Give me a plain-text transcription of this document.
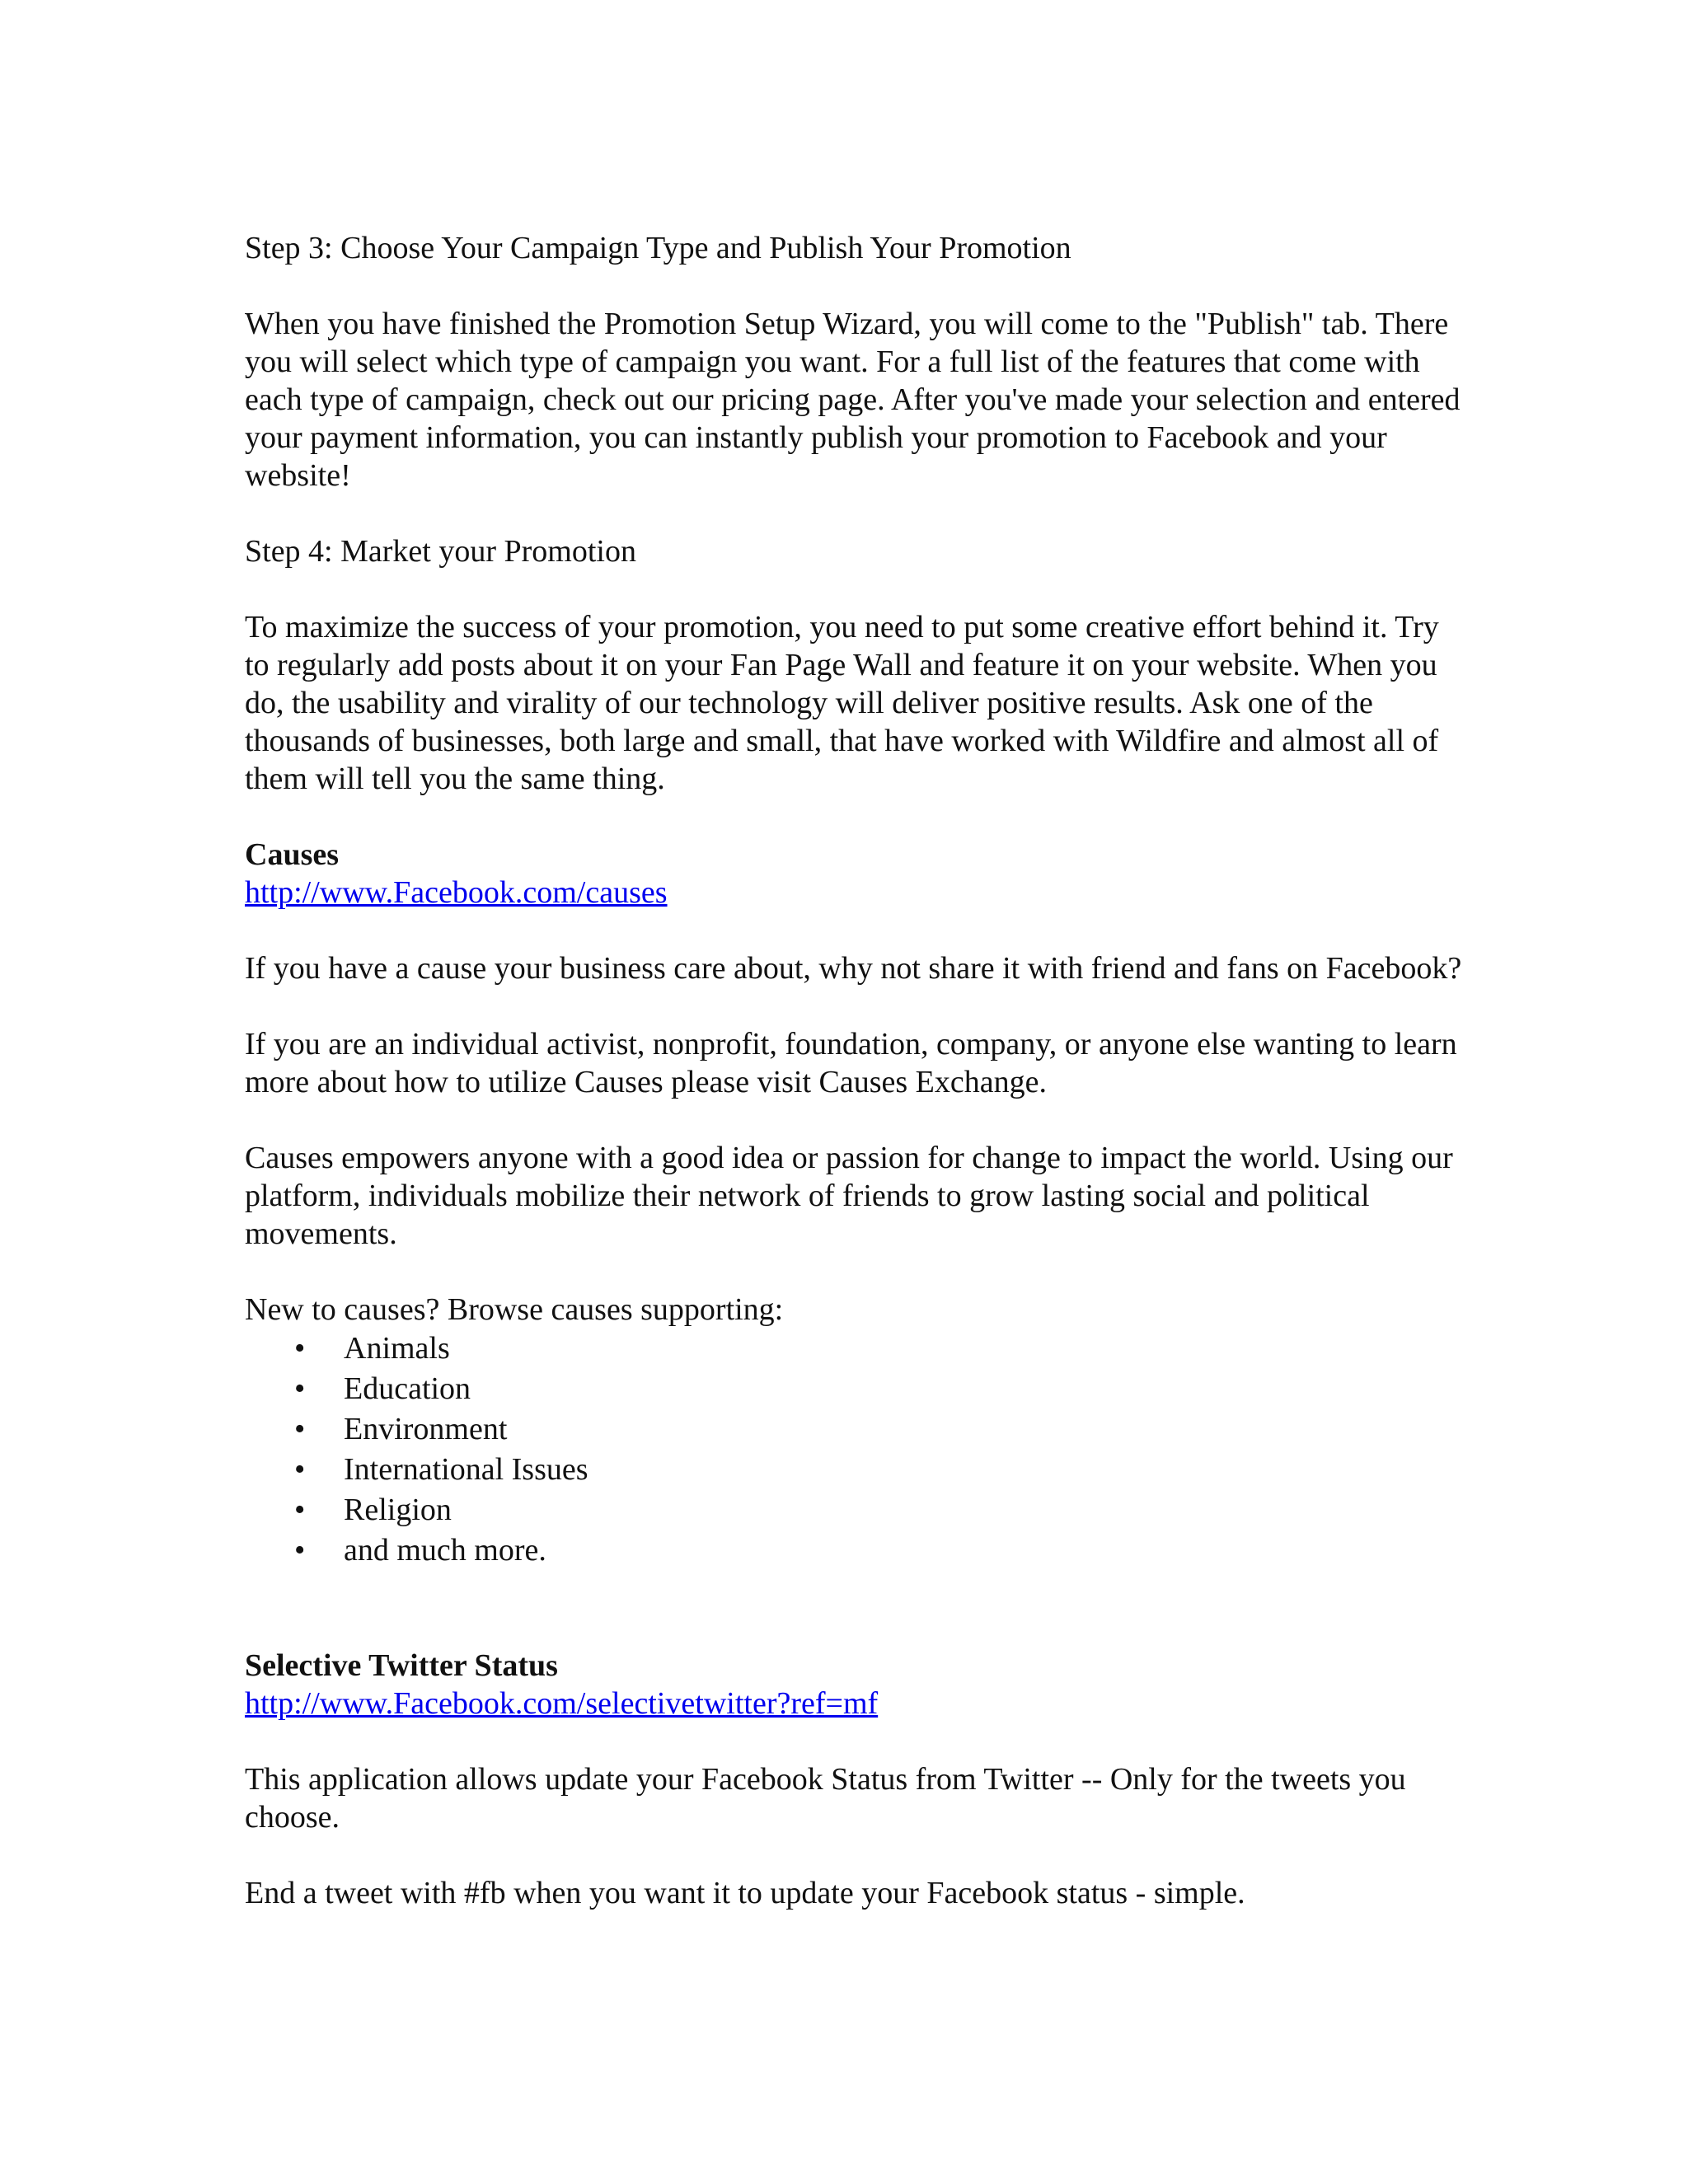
Step 3: Choose Your Campaign Type and Publish Your Promotion

When you have finished the Promotion Setup Wizard, you will come to the "Publish" tab. There you will select which type of campaign you want. For a full list of the features that come with each type of campaign, check out our pricing page. After you've made your selection and entered your payment information, you can instantly publish your promotion to Facebook and your website!

Step 4: Market your Promotion

To maximize the success of your promotion, you need to put some creative effort behind it. Try to regularly add posts about it on your Fan Page Wall and feature it on your website. When you do, the usability and virality of our technology will deliver positive results. Ask one of the thousands of businesses, both large and small, that have worked with Wildfire and almost all of them will tell you the same thing.

Causes
http://www.Facebook.com/causes

If you have a cause your business care about, why not share it with friend and fans on Facebook?

If you are an individual activist, nonprofit, foundation, company, or anyone else wanting to learn more about how to utilize Causes please visit Causes Exchange.

Causes empowers anyone with a good idea or passion for change to impact the world. Using our platform, individuals mobilize their network of friends to grow lasting social and political movements.

New to causes? Browse causes supporting:
• Animals
• Education
• Environment
• International Issues
• Religion
• and much more.
Selective Twitter Status
http://www.Facebook.com/selectivetwitter?ref=mf

This application allows update your Facebook Status from Twitter -- Only for the tweets you choose.

End a tweet with #fb when you want it to update your Facebook status - simple.
